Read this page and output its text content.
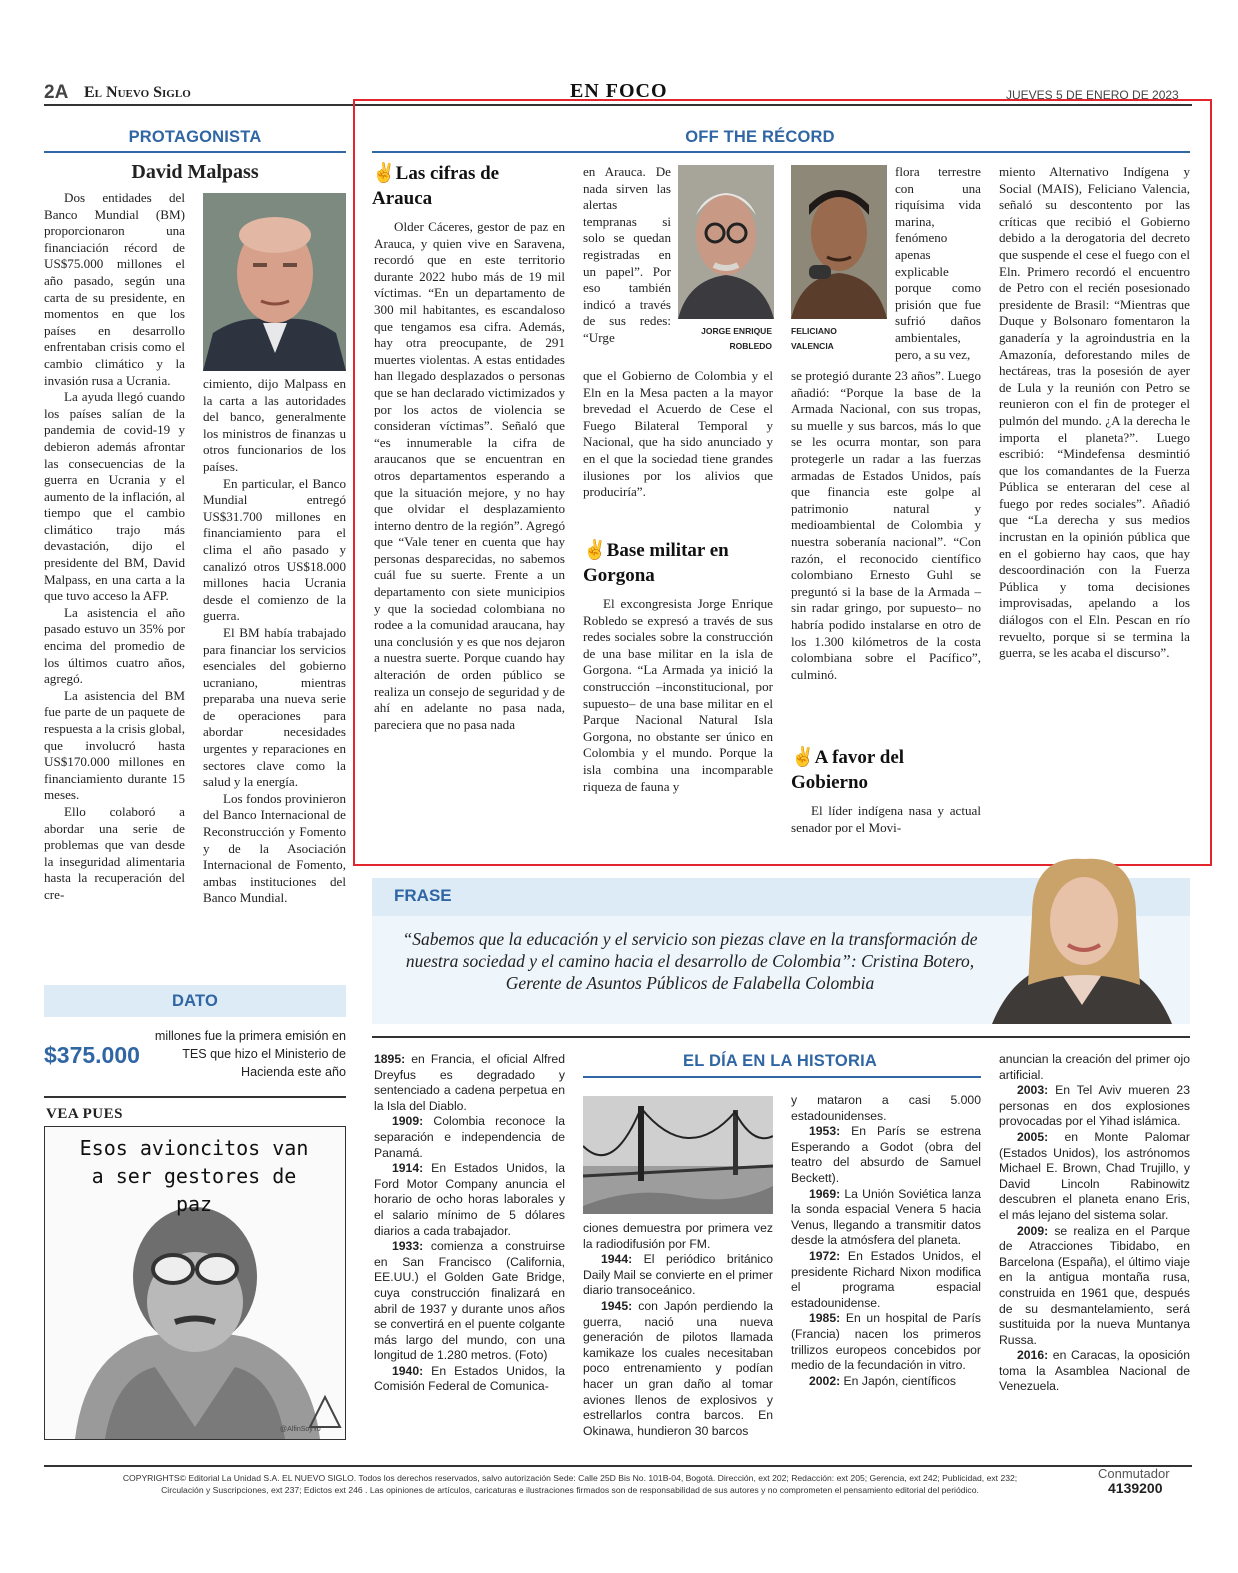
2A El Nuevo Siglo	EN FOCO	JUEVES 5 DE ENERO DE 2023
PROTAGONISTA
David Malpass

Dos entidades del Banco Mundial (BM) proporcionaron una financiación récord de US$75.000 millones el año pasado, según una carta de su presidente, en momentos en que los países en desarrollo enfrentaban crisis como el cambio climático y la invasión rusa a Ucrania.

La ayuda llegó cuando los países salían de la pandemia de covid-19 y debieron además afrontar las consecuencias de la guerra en Ucrania y el aumento de la inflación, al tiempo que el cambio climático trajo más devastación, dijo el presidente del BM, David Malpass, en una carta a la que tuvo acceso la AFP.

La asistencia el año pasado estuvo un 35% por encima del promedio de los últimos cuatro años, agregó.

La asistencia del BM fue parte de un paquete de respuesta a la crisis global, que involucró hasta US$170.000 millones en financiamiento durante 15 meses.

Ello colaboró a abordar una serie de problemas que van desde la inseguridad alimentaria hasta la recuperación del cre-

cimiento, dijo Malpass en la carta a las autoridades del banco, generalmente los ministros de finanzas u otros funcionarios de los países.

En particular, el Banco Mundial entregó US$31.700 millones en financiamiento para el clima el año pasado y canalizó otros US$18.000 millones hacia Ucrania desde el comienzo de la guerra.

El BM había trabajado para financiar los servicios esenciales del gobierno ucraniano, mientras preparaba una nueva serie de operaciones para abordar necesidades urgentes y reparaciones en sectores clave como la salud y la energía.

Los fondos provinieron del Banco Internacional de Reconstrucción y Fomento y de la Asociación Internacional de Fomento, ambas instituciones del Banco Mundial.

DATO
$375.000
millones fue la primera emisión en TES que hizo el Ministerio de Hacienda este año
VEA PUES
Esos avioncitos van a ser gestores de paz
@AlfinSoyYo
OFF THE RÉCORD
✌Las cifras de Arauca

Older Cáceres, gestor de paz en Arauca, y quien vive en Saravena, recordó que en este territorio durante 2022 hubo más de 19 mil víctimas. “En un departamento de 300 mil habitantes, es escandaloso que tengamos esa cifra. Además, hay otra preocupante, de 291 muertes violentas. A estas entidades han llegado desplazados o personas que se han declarado victimizados y por los actos de violencia se consideran víctimas”. Señaló que “es innumerable la cifra de araucanos que se encuentran en otros departamentos esperando a que la situación mejore, y no hay que olvidar el desplazamiento interno dentro de la región”. Agregó que “Vale tener en cuenta que hay personas desparecidas, no sabemos cuál fue su suerte. Frente a un departamento con siete municipios y que la sociedad colombiana no rodee a la comunidad araucana, hay una conclusión y es que nos dejaron a nuestra suerte. Porque cuando hay alteración de orden público se realiza un consejo de seguridad y de ahí en adelante no pasa nada, pareciera que no pasa nada

en Arauca. De nada sirven las alertas tempranas si solo se quedan registradas en un papel”. Por eso también indicó a través de sus redes: “Urge	JORGE ENRIQUE ROBLEDO

que el Gobierno de Colombia y el Eln en la Mesa pacten a la mayor brevedad el Acuerdo de Cese el Fuego Bilateral Temporal y Nacional, que ha sido anunciado y en el que la sociedad tiene grandes ilusiones por los alivios que produciría”.

✌Base militar en Gorgona

El excongresista Jorge Enrique Robledo se expresó a través de sus redes sociales sobre la construcción de una base militar en la isla de Gorgona. “La Armada ya inició la construcción –inconstitucional, por supuesto– de una base militar en el Parque Nacional Natural Isla Gorgona, no obstante ser único en Colombia y el mundo. Porque la isla combina una incomparable riqueza de fauna y

FELICIANO VALENCIA

flora terrestre con una riquísima vida marina, fenómeno apenas explicable porque como prisión que fue sufrió daños ambientales, pero, a su vez,

se protegió durante 23 años”. Luego añadió: “Porque la base de la Armada Nacional, con sus tropas, su muelle y sus barcos, más lo que se les ocurra montar, son para protegerle un radar a las fuerzas armadas de Estados Unidos, país que financia este golpe al patrimonio natural y medioambiental de Colombia y nuestra soberanía nacional”. “Con razón, el reconocido científico colombiano Ernesto Guhl se preguntó si la base de la Armada –sin radar gringo, por supuesto– no habría podido instalarse en otro de los 1.300 kilómetros de la costa colombiana sobre el Pacífico”, culminó.

✌A favor del Gobierno

El líder indígena nasa y actual senador por el Movi-

miento Alternativo Indígena y Social (MAIS), Feliciano Valencia, señaló su descontento por las críticas que recibió el Gobierno debido a la derogatoria del decreto que suspende el cese el fuego con el Eln. Primero recordó el encuentro de Petro con el recién posesionado presidente de Brasil: “Mientras que Duque y Bolsonaro fomentaron la ganadería y la agroindustria en la Amazonía, deforestando miles de hectáreas, tras la posesión de ayer de Lula y la reunión con Petro se reunieron con el fin de proteger el pulmón del mundo. ¿A la derecha le importa el planeta?”. Luego escribió: “Mindefensa desmintió que los comandantes de la Fuerza Pública se enteraran del cese al fuego por redes sociales”. Añadió que “La derecha y sus medios incrustan en la opinión pública que en el gobierno hay caos, que hay descoordinación con la Fuerza Pública y toma decisiones improvisadas, apelando a los diálogos con el Eln. Pescan en río revuelto, porque si se termina la guerra, se les acaba el discurso”.

FRASE
“Sabemos que la educación y el servicio son piezas clave en la transformación de nuestra sociedad y el camino hacia el desarrollo de Colombia”: Cristina Botero, Gerente de Asuntos Públicos de Falabella Colombia
EL DÍA EN LA HISTORIA

1895: en Francia, el oficial Alfred Dreyfus es degradado y sentenciado a cadena perpetua en la Isla del Diablo.

1909: Colombia reconoce la separación e independencia de Panamá.

1914: En Estados Unidos, la Ford Motor Company anuncia el horario de ocho horas laborales y el salario mínimo de 5 dólares diarios a cada trabajador.

1933: comienza a construirse en San Francisco (California, EE.UU.) el Golden Gate Bridge, cuya construcción finalizará en abril de 1937 y durante unos años se convertirá en el puente colgante más largo del mundo, con una longitud de 1.280 metros. (Foto)

1940: En Estados Unidos, la Comisión Federal de Comunica-

ciones demuestra por primera vez la radiodifusión por FM.

1944: El periódico británico Daily Mail se convierte en el primer diario transoceánico.

1945: con Japón perdiendo la guerra, nació una nueva generación de pilotos llamada kamikaze los cuales necesitaban poco entrenamiento y podían hacer un gran daño al tomar aviones llenos de explosivos y estrellarlos contra barcos. En Okinawa, hundieron 30 barcos

y mataron a casi 5.000 estadounidenses.

1953: En París se estrena Esperando a Godot (obra del teatro del absurdo de Samuel Beckett).

1969: La Unión Soviética lanza la sonda espacial Venera 5 hacia Venus, llegando a transmitir datos desde la atmósfera del planeta.

1972: En Estados Unidos, el presidente Richard Nixon modifica el programa espacial estadounidense.

1985: En un hospital de París (Francia) nacen los primeros trillizos europeos concebidos por medio de la fecundación in vitro.

2002: En Japón, científicos

anuncian la creación del primer ojo artificial.

2003: En Tel Aviv mueren 23 personas en dos explosiones provocadas por el Yihad islámica.

2005: en Monte Palomar (Estados Unidos), los astrónomos Michael E. Brown, Chad Trujillo, y David Lincoln Rabinowitz descubren el planeta enano Eris, el más lejano del sistema solar.

2009: se realiza en el Parque de Atracciones Tibidabo, en Barcelona (España), el último viaje en la antigua montaña rusa, construida en 1961 que, después de su desmantelamiento, será sustituida por la nueva Muntanya Russa.

2016: en Caracas, la oposición toma la Asamblea Nacional de Venezuela.

COPYRIGHTS© Editorial La Unidad S.A. EL NUEVO SIGLO. Todos los derechos reservados, salvo autorización Sede: Calle 25D Bis No. 101B-04, Bogotá. Dirección, ext 202; Redacción: ext 205; Gerencia, ext 242; Publicidad, ext 232;
Circulación y Suscripciones, ext 237; Edictos ext 246 . Las opiniones de artículos, caricaturas e ilustraciones firmados son de responsabilidad de sus autores y no comprometen el pensamiento editorial del periódico.
Conmutador
4139200
